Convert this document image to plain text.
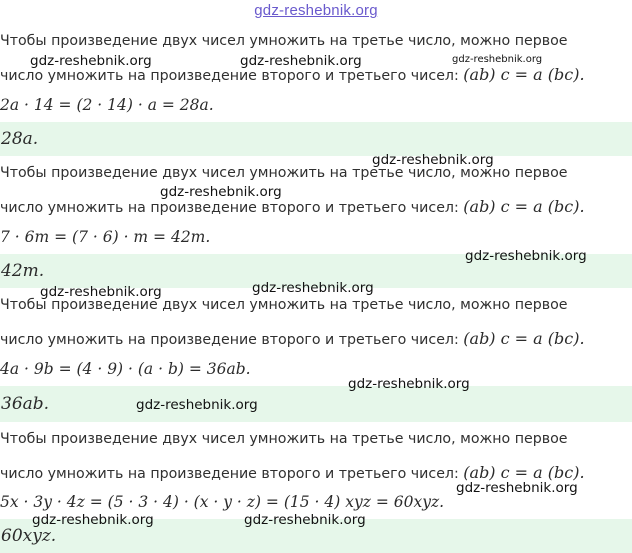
gdz-reshebnik.org
Чтобы произведение двух чисел умножить на третье число, можно первое
число умножить на произведение второго и третьего чисел: (ab) c = a (bc).
2a · 14 = (2 · 14) · a = 28a.
28a.
Чтобы произведение двух чисел умножить на третье число, можно первое
число умножить на произведение второго и третьего чисел: (ab) c = a (bc).
7 · 6m = (7 · 6) · m = 42m.
42m.
Чтобы произведение двух чисел умножить на третье число, можно первое
число умножить на произведение второго и третьего чисел: (ab) c = a (bc).
4a · 9b = (4 · 9) · (a · b) = 36ab.
36ab.
Чтобы произведение двух чисел умножить на третье число, можно первое
число умножить на произведение второго и третьего чисел: (ab) c = a (bc).
5x · 3y · 4z = (5 · 3 · 4) · (x · y · z) = (15 · 4) xyz = 60xyz.
60xyz.
gdz-reshebnik.org	gdz-reshebnik.org	gdz-reshebnik.org
gdz-reshebnik.org
gdz-reshebnik.org
gdz-reshebnik.org
gdz-reshebnik.org
gdz-reshebnik.org
gdz-reshebnik.org
gdz-reshebnik.org
gdz-reshebnik.org
gdz-reshebnik.org	gdz-reshebnik.org
